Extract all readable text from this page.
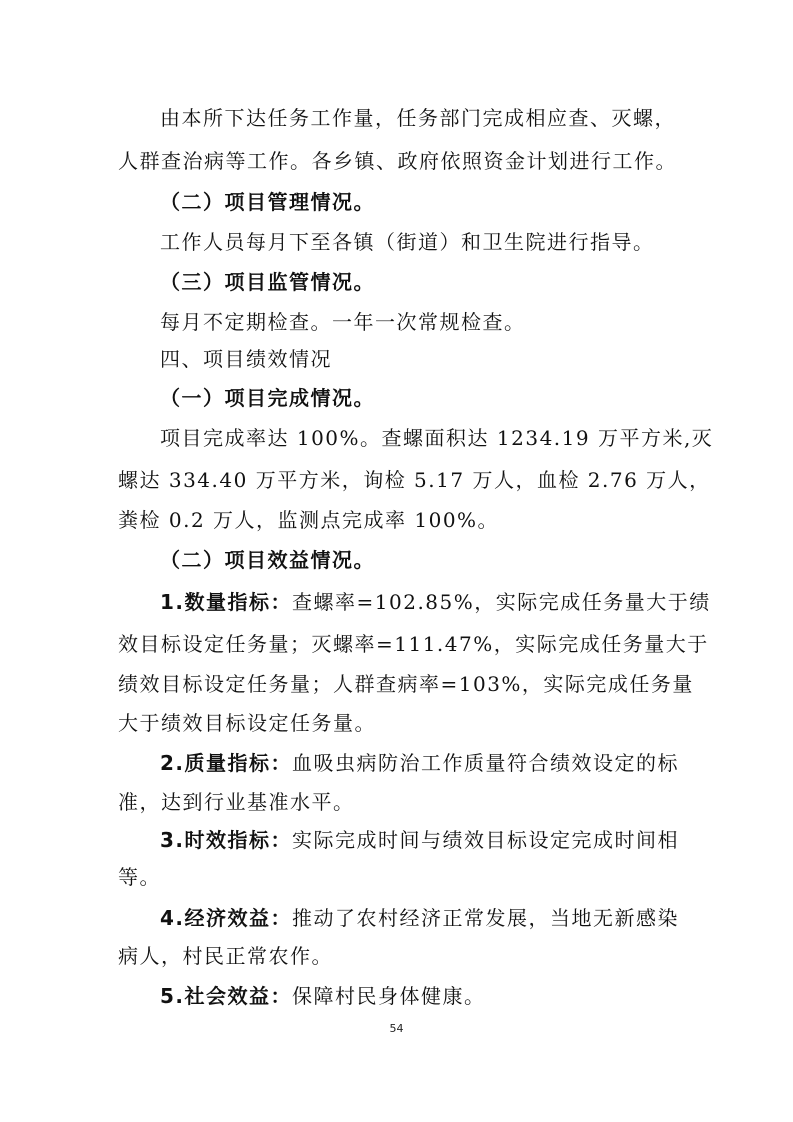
由本所下达任务工作量，任务部门完成相应查、灭螺，
人群查治病等工作。各乡镇、政府依照资金计划进行工作。
（二）项目管理情况。
工作人员每月下至各镇（街道）和卫生院进行指导。
（三）项目监管情况。
每月不定期检查。一年一次常规检查。
四、项目绩效情况
（一）项目完成情况。
项目完成率达 100%。查螺面积达 1234.19 万平方米,灭
螺达 334.40 万平方米，询检 5.17 万人，血检 2.76 万人，
粪检 0.2 万人，监测点完成率 100%。
（二）项目效益情况。
1.数量指标：查螺率=102.85%，实际完成任务量大于绩
效目标设定任务量；灭螺率=111.47%，实际完成任务量大于
绩效目标设定任务量；人群查病率=103%，实际完成任务量
大于绩效目标设定任务量。
2.质量指标：血吸虫病防治工作质量符合绩效设定的标
准，达到行业基准水平。
3.时效指标：实际完成时间与绩效目标设定完成时间相
等。
4.经济效益：推动了农村经济正常发展，当地无新感染
病人，村民正常农作。
5.社会效益：保障村民身体健康。
54
